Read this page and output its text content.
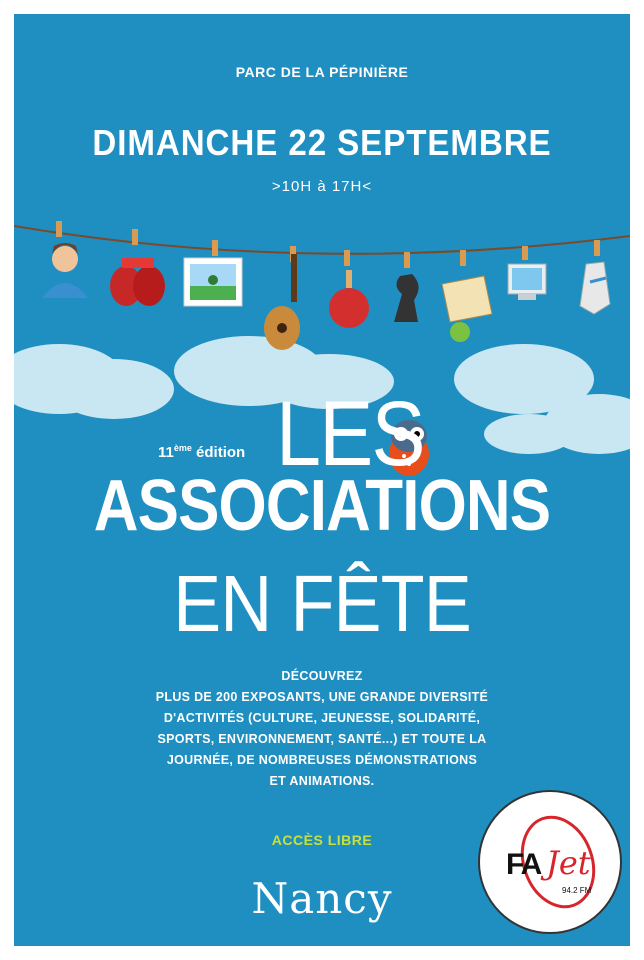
PARC DE LA PÉPINIÈRE
DIMANCHE 22 SEPTEMBRE
>10H à 17H<
11ème édition LES
ASSOCIATIONS
EN FÊTE
DÉCOUVREZ
PLUS DE 200 EXPOSANTS, UNE GRANDE DIVERSITÉ
D'ACTIVITÉS (CULTURE, JEUNESSE, SOLIDARITÉ,
SPORTS, ENVIRONNEMENT, SANTÉ...) ET TOUTE LA
JOURNÉE, DE NOMBREUSES DÉMONSTRATIONS
ET ANIMATIONS.
ACCÈS LIBRE
Nancy
FA Jet
94.2 FM
